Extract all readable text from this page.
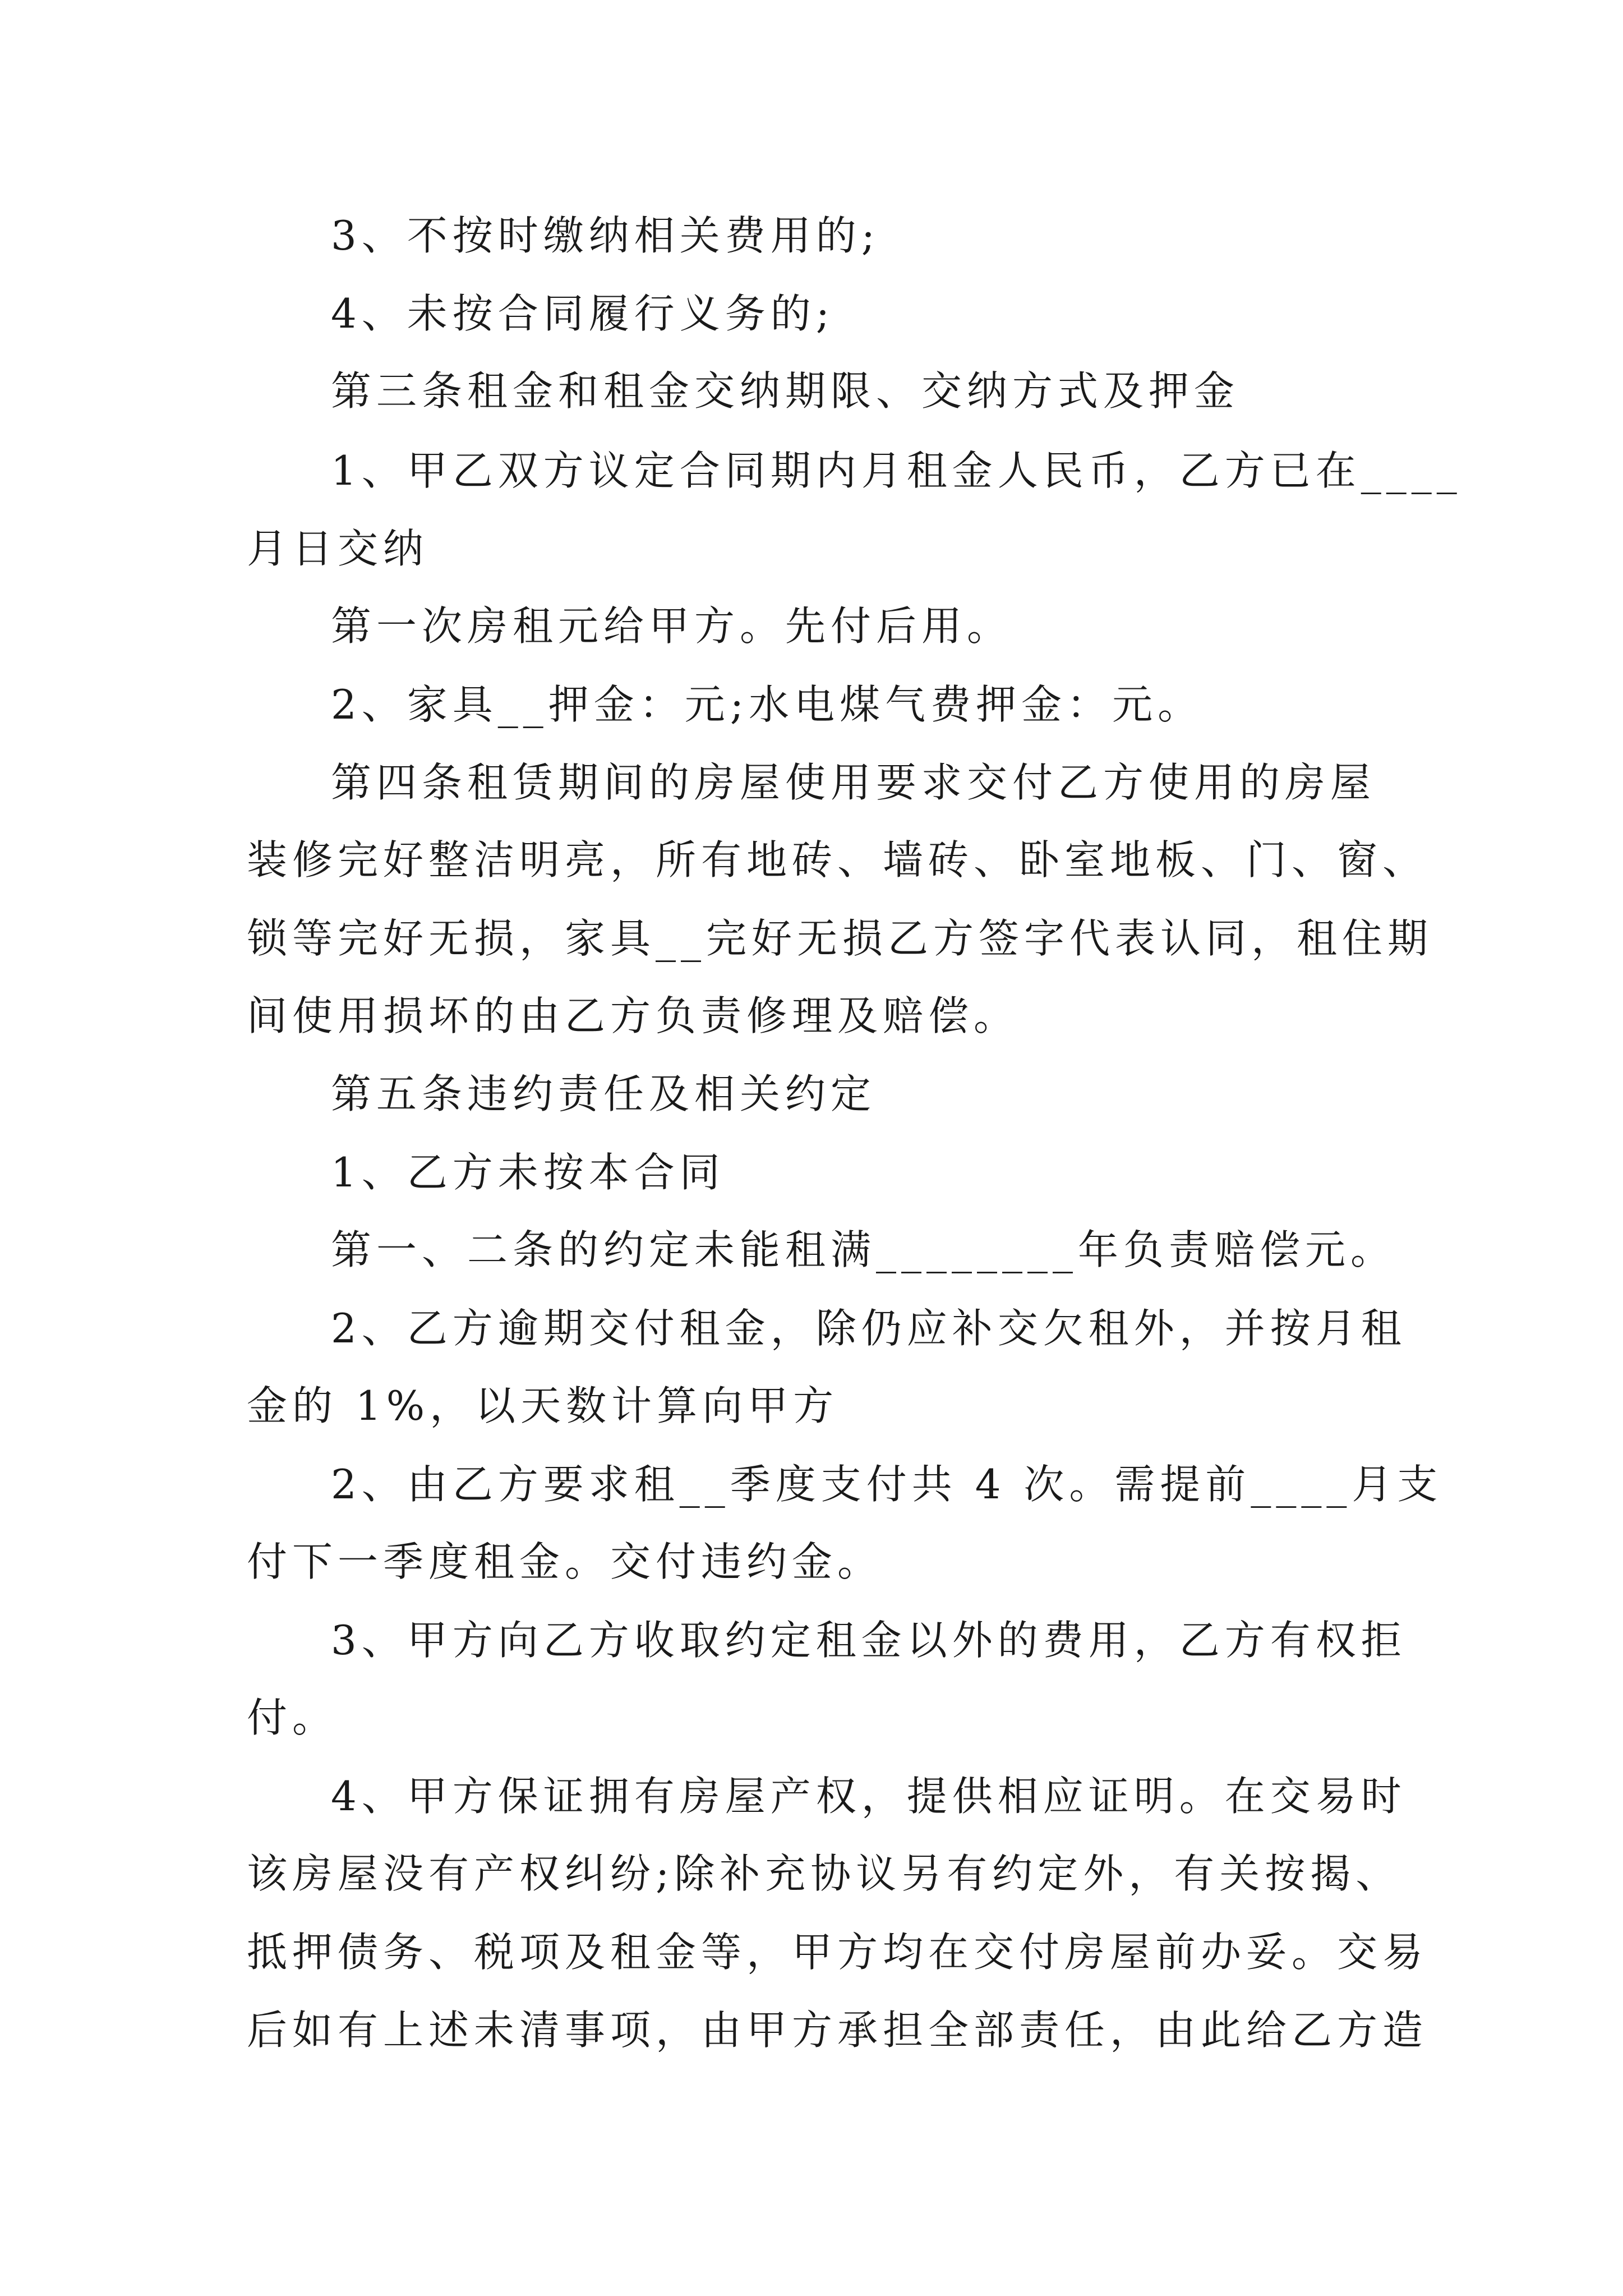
3、不按时缴纳相关费用的;
4、未按合同履行义务的;
第三条租金和租金交纳期限、交纳方式及押金
1、甲乙双方议定合同期内月租金人民币，乙方已在____
月日交纳
第一次房租元给甲方。先付后用。
2、家具__押金：元;水电煤气费押金：元。
第四条租赁期间的房屋使用要求交付乙方使用的房屋
装修完好整洁明亮，所有地砖、墙砖、卧室地板、门、窗、
锁等完好无损，家具__完好无损乙方签字代表认同，租住期
间使用损坏的由乙方负责修理及赔偿。
第五条违约责任及相关约定
1、乙方未按本合同
第一、二条的约定未能租满________年负责赔偿元。
2、乙方逾期交付租金，除仍应补交欠租外，并按月租
金的 1%，以天数计算向甲方
2、由乙方要求租__季度支付共 4 次。需提前____月支
付下一季度租金。交付违约金。
3、甲方向乙方收取约定租金以外的费用，乙方有权拒
付。
4、甲方保证拥有房屋产权，提供相应证明。在交易时
该房屋没有产权纠纷;除补充协议另有约定外，有关按揭、
抵押债务、税项及租金等，甲方均在交付房屋前办妥。交易
后如有上述未清事项，由甲方承担全部责任，由此给乙方造
